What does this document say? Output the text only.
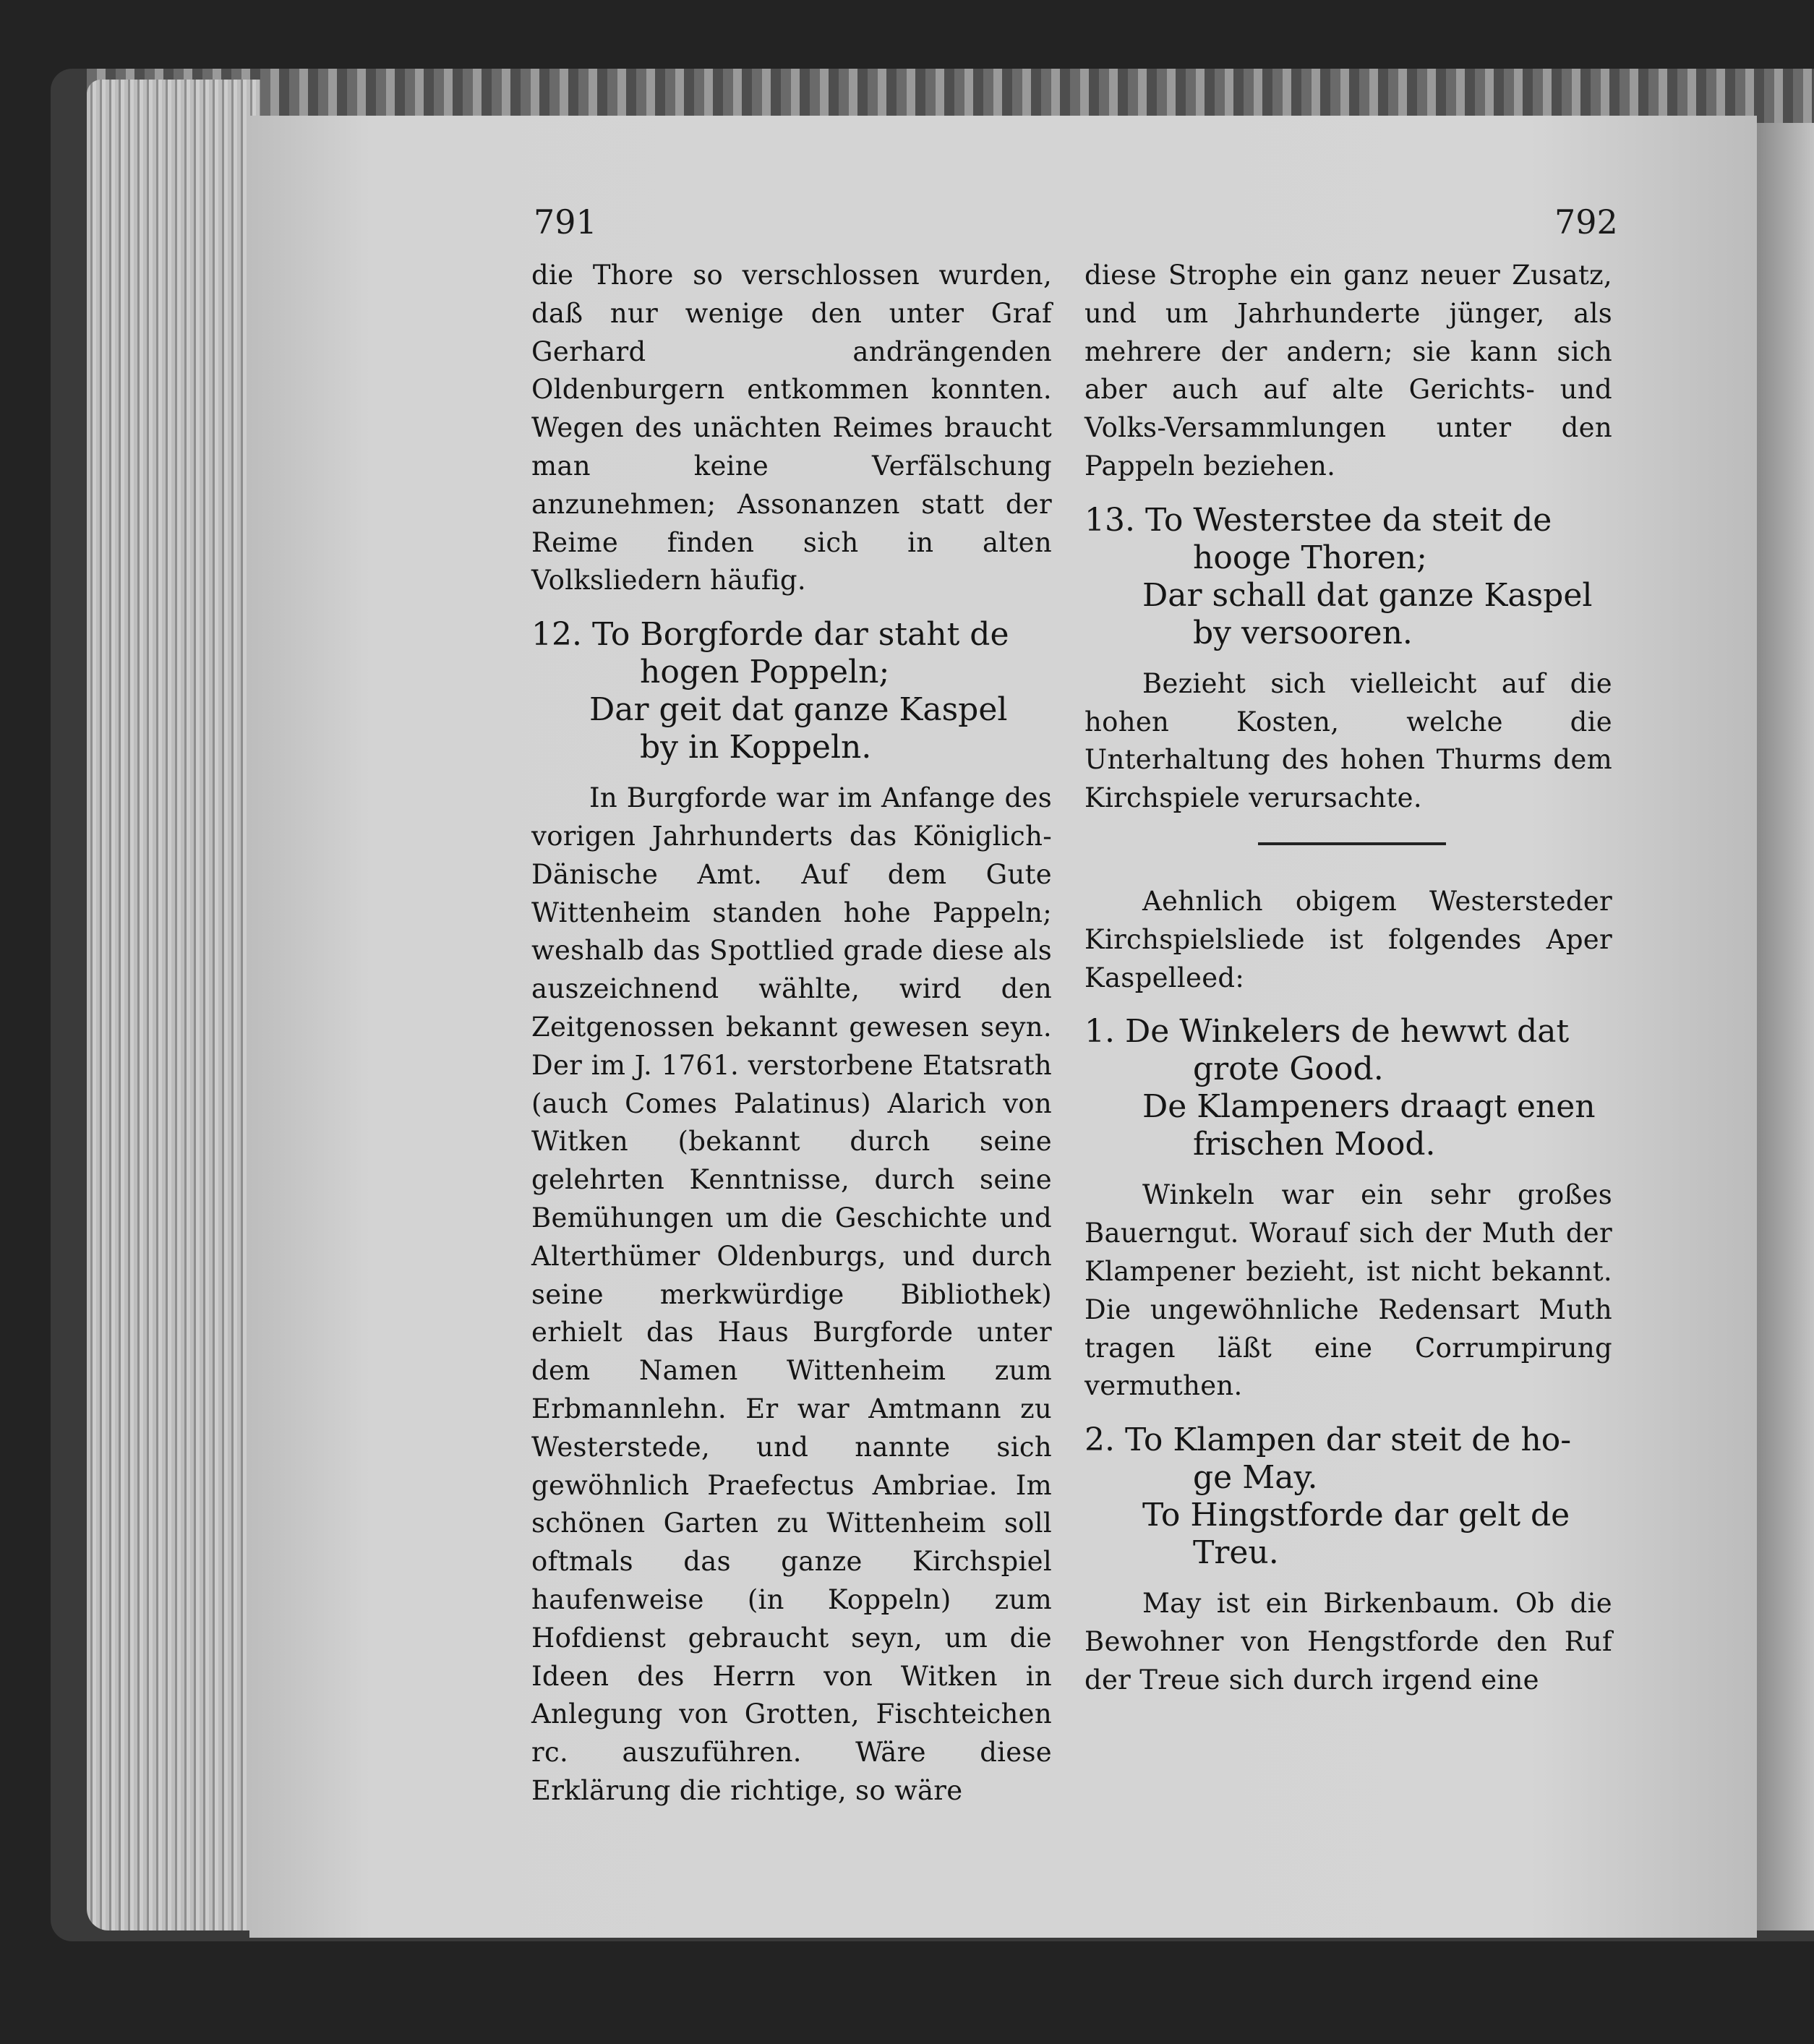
791	792

die Thore so verschlossen wurden, daß nur wenige den unter Graf Gerhard andrängenden Oldenburgern entkommen konnten. Wegen des unächten Reimes braucht man keine Verfälschung anzunehmen; Assonanzen statt der Reime finden sich in alten Volksliedern häufig.

12. To Borgforde dar staht de
hogen Poppeln;
Dar geit dat ganze Kaspel
by in Koppeln.

In Burgforde war im Anfange des vorigen Jahrhunderts das Königlich-Dänische Amt. Auf dem Gute Wittenheim standen hohe Pappeln; weshalb das Spottlied grade diese als auszeichnend wählte, wird den Zeitgenossen bekannt gewesen seyn. Der im J. 1761. verstorbene Etatsrath (auch Comes Palatinus) Alarich von Witken (bekannt durch seine gelehrten Kenntnisse, durch seine Bemühungen um die Geschichte und Alterthümer Oldenburgs, und durch seine merkwürdige Bibliothek) erhielt das Haus Burgforde unter dem Namen Wittenheim zum Erbmannlehn. Er war Amtmann zu Westerstede, und nannte sich gewöhnlich Praefectus Ambriae. Im schönen Garten zu Wittenheim soll oftmals das ganze Kirchspiel haufenweise (in Koppeln) zum Hofdienst gebraucht seyn, um die Ideen des Herrn von Witken in Anlegung von Grotten, Fischteichen rc. auszuführen. Wäre diese Erklärung die richtige, so wäre

diese Strophe ein ganz neuer Zusatz, und um Jahrhunderte jünger, als mehrere der andern; sie kann sich aber auch auf alte Gerichts- und Volks-Versammlungen unter den Pappeln beziehen.

13. To Westerstee da steit de
hooge Thoren;
Dar schall dat ganze Kaspel
by versooren.

Bezieht sich vielleicht auf die hohen Kosten, welche die Unterhaltung des hohen Thurms dem Kirchspiele verursachte.

Aehnlich obigem Westersteder Kirchspielsliede ist folgendes Aper Kaspelleed:

1. De Winkelers de hewwt dat
grote Good.
De Klampeners draagt enen
frischen Mood.

Winkeln war ein sehr großes Bauerngut. Worauf sich der Muth der Klampener bezieht, ist nicht bekannt. Die ungewöhnliche Redensart Muth tragen läßt eine Corrumpirung vermuthen.

2. To Klampen dar steit de ho-
ge May.
To Hingstforde dar gelt de
Treu.

May ist ein Birkenbaum. Ob die Bewohner von Hengstforde den Ruf der Treue sich durch irgend eine
